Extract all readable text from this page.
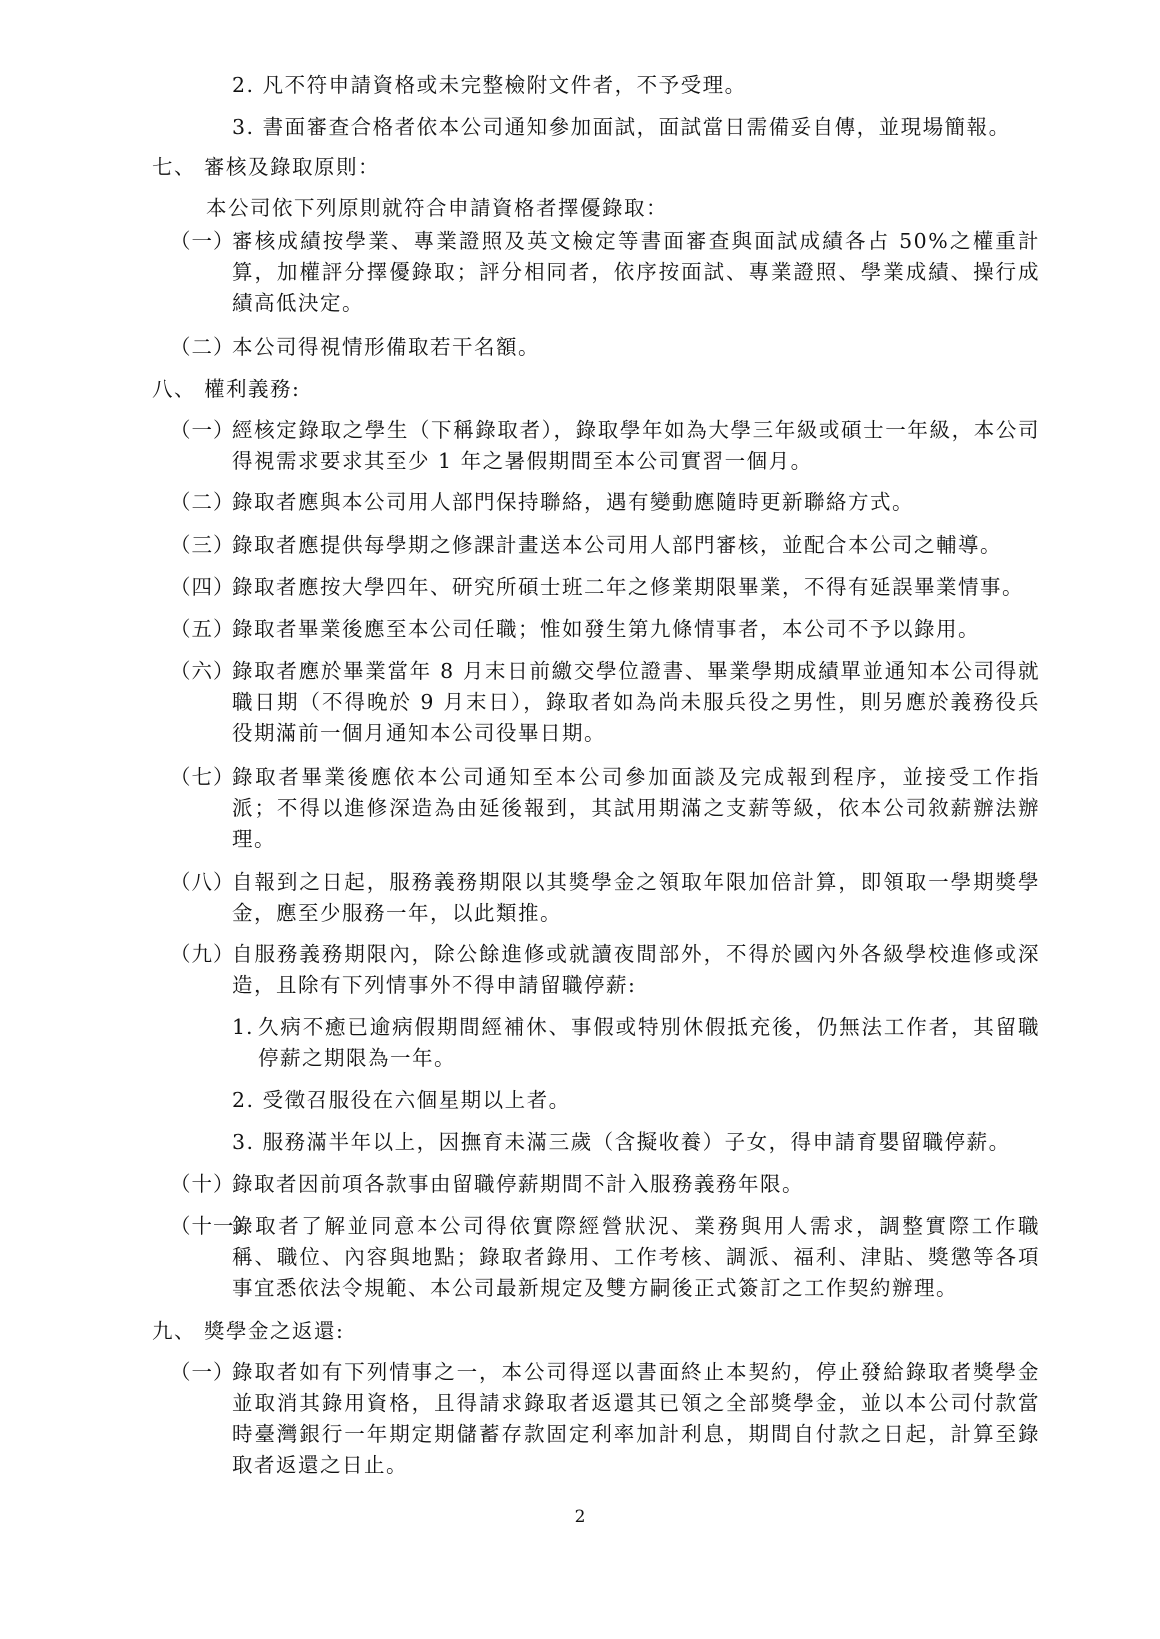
2. 凡不符申請資格或未完整檢附文件者，不予受理。
3. 書面審查合格者依本公司通知參加面試，面試當日需備妥自傳，並現場簡報。
七、 審核及錄取原則：
本公司依下列原則就符合申請資格者擇優錄取：
（一）
審核成績按學業、專業證照及英文檢定等書面審查與面試成績各占 50%之權重計算，加權評分擇優錄取；評分相同者，依序按面試、專業證照、學業成績、操行成績高低決定。
（二）
本公司得視情形備取若干名額。
八、 權利義務:
（一）
經核定錄取之學生（下稱錄取者），錄取學年如為大學三年級或碩士一年級，本公司得視需求要求其至少 1 年之暑假期間至本公司實習一個月。
（二）
錄取者應與本公司用人部門保持聯絡，遇有變動應隨時更新聯絡方式。
（三）
錄取者應提供每學期之修課計畫送本公司用人部門審核，並配合本公司之輔導。
（四）
錄取者應按大學四年、研究所碩士班二年之修業期限畢業，不得有延誤畢業情事。
（五）
錄取者畢業後應至本公司任職；惟如發生第九條情事者，本公司不予以錄用。
（六）
錄取者應於畢業當年 8 月末日前繳交學位證書、畢業學期成績單並通知本公司得就職日期（不得晚於 9 月末日），錄取者如為尚未服兵役之男性，則另應於義務役兵役期滿前一個月通知本公司役畢日期。
（七）
錄取者畢業後應依本公司通知至本公司參加面談及完成報到程序，並接受工作指派；不得以進修深造為由延後報到，其試用期滿之支薪等級，依本公司敘薪辦法辦理。
（八）
自報到之日起，服務義務期限以其獎學金之領取年限加倍計算，即領取一學期獎學金，應至少服務一年，以此類推。
（九）
自服務義務期限內，除公餘進修或就讀夜間部外，不得於國內外各級學校進修或深造，且除有下列情事外不得申請留職停薪:
1. 久病不癒已逾病假期間經補休、事假或特別休假抵充後，仍無法工作者，其留職停薪之期限為一年。
2. 受徵召服役在六個星期以上者。
3. 服務滿半年以上，因撫育未滿三歲（含擬收養）子女，得申請育嬰留職停薪。
（十）
錄取者因前項各款事由留職停薪期間不計入服務義務年限。
（十一）
錄取者了解並同意本公司得依實際經營狀況、業務與用人需求，調整實際工作職稱、職位、內容與地點；錄取者錄用、工作考核、調派、福利、津貼、獎懲等各項事宜悉依法令規範、本公司最新規定及雙方嗣後正式簽訂之工作契約辦理。
九、 獎學金之返還:
（一）
錄取者如有下列情事之一，本公司得逕以書面終止本契約，停止發給錄取者獎學金並取消其錄用資格，且得請求錄取者返還其已領之全部獎學金，並以本公司付款當時臺灣銀行一年期定期儲蓄存款固定利率加計利息，期間自付款之日起，計算至錄取者返還之日止。
2
